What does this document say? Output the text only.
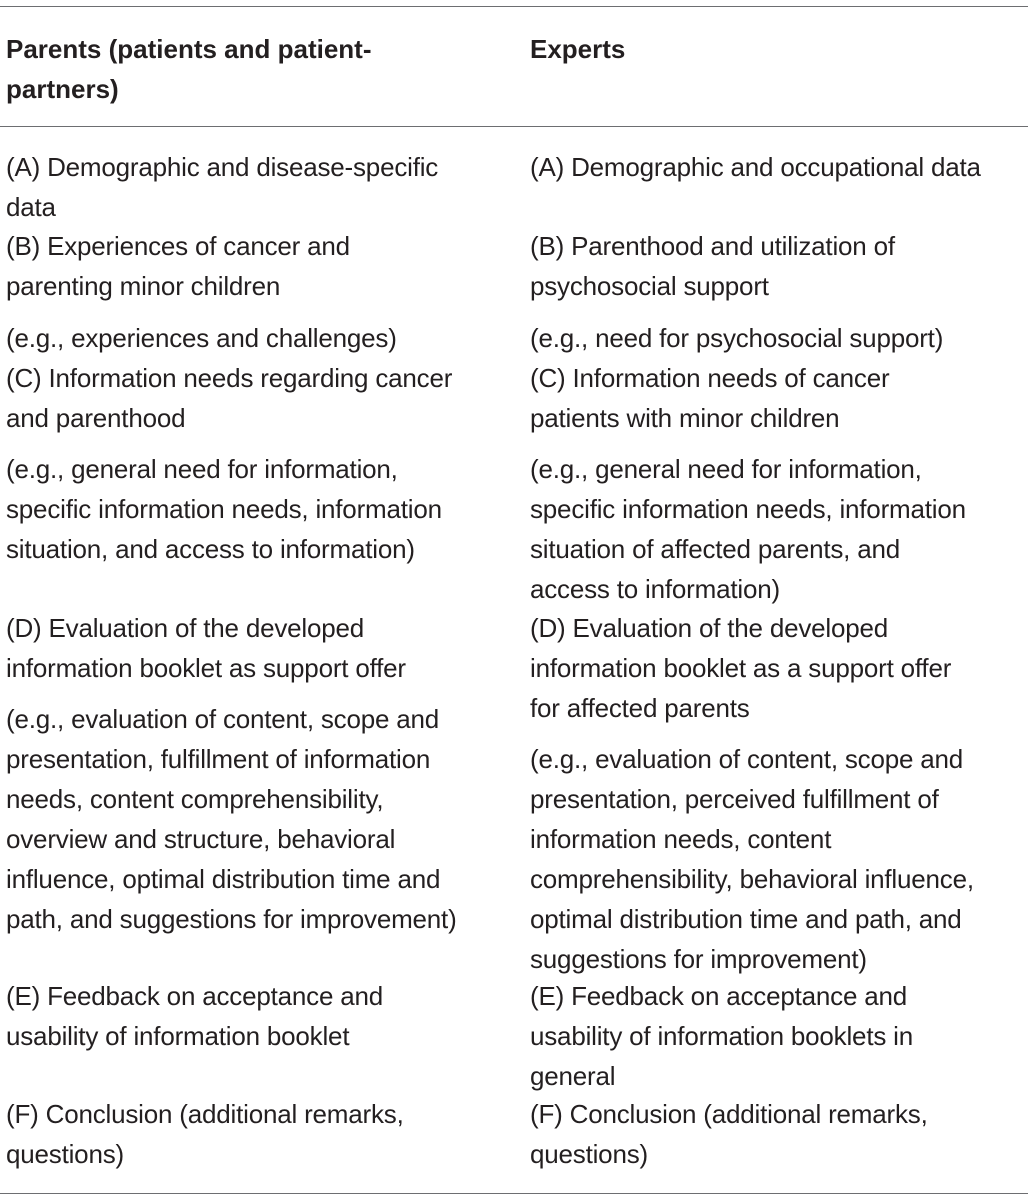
Parents (patients and patient-
partners)
(A) Demographic and disease-specific
data
(B) Experiences of cancer and
parenting minor children
(e.g., experiences and challenges)
(C) Information needs regarding cancer
and parenthood
(e.g., general need for information,
specific information needs, information
situation, and access to information)
(D) Evaluation of the developed
information booklet as support offer
(e.g., evaluation of content, scope and
presentation, fulfillment of information
needs, content comprehensibility,
overview and structure, behavioral
influence, optimal distribution time and
path, and suggestions for improvement)
(E) Feedback on acceptance and
usability of information booklet
(F) Conclusion (additional remarks,
questions)
Experts
(A) Demographic and occupational data
(B) Parenthood and utilization of
psychosocial support
(e.g., need for psychosocial support)
(C) Information needs of cancer
patients with minor children
(e.g., general need for information,
specific information needs, information
situation of affected parents, and
access to information)
(D) Evaluation of the developed
information booklet as a support offer
for affected parents
(e.g., evaluation of content, scope and
presentation, perceived fulfillment of
information needs, content
comprehensibility, behavioral influence,
optimal distribution time and path, and
suggestions for improvement)
(E) Feedback on acceptance and
usability of information booklets in
general
(F) Conclusion (additional remarks,
questions)
